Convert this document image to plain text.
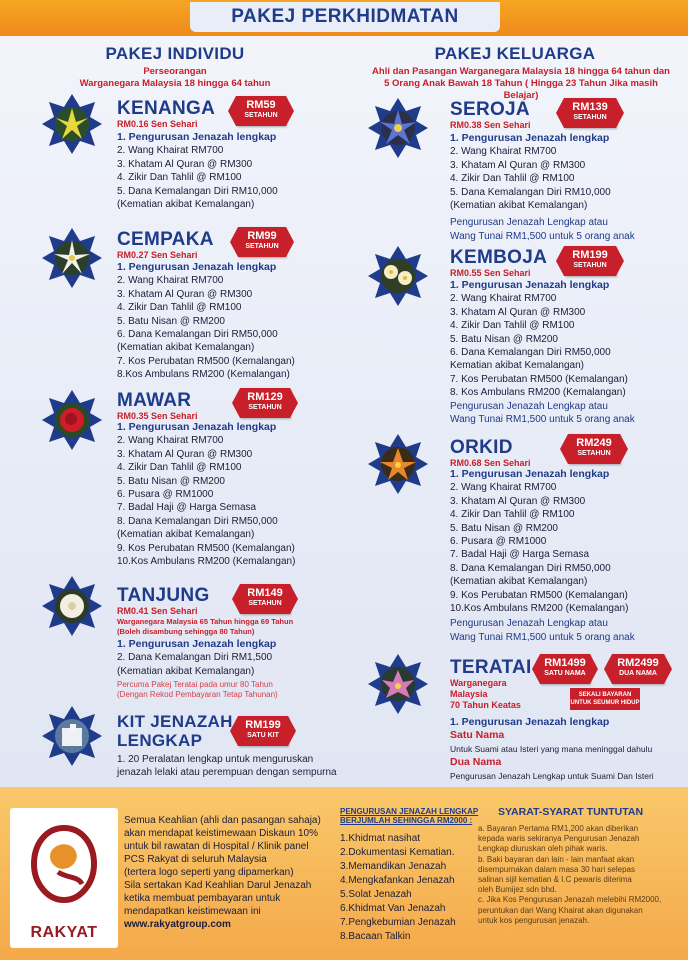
PAKEJ PERKHIDMATAN
PAKEJ INDIVIDU
Perseorangan
Warganegara Malaysia 18 hingga 64 tahun
PAKEJ KELUARGA
Ahli dan Pasangan Warganegara Malaysia 18 hingga 64 tahun dan
5 Orang Anak Bawah 18 Tahun ( Hingga 23 Tahun Jika masih Belajar)
KENANGA
RM0.16 Sen Sehari
RM59
SETAHUN
1. Pengurusan Jenazah lengkap
2. Wang Khairat RM700
3. Khatam Al Quran @ RM300
4. Zikir Dan Tahlil @ RM100
5. Dana Kemalangan Diri RM10,000
(Kematian akibat Kemalangan)
CEMPAKA
RM0.27 Sen Sehari
RM99
SETAHUN
1. Pengurusan Jenazah lengkap
2. Wang Khairat RM700
3. Khatam Al Quran @ RM300
4. Zikir Dan Tahlil @ RM100
5. Batu Nisan @ RM200
6. Dana Kemalangan Diri RM50,000
(Kematian akibat Kemalangan)
7. Kos Perubatan RM500 (Kemalangan)
8.Kos Ambulans RM200 (Kemalangan)
MAWAR
RM0.35 Sen Sehari
RM129
SETAHUN
1. Pengurusan Jenazah lengkap
2. Wang Khairat RM700
3. Khatam Al Quran @ RM300
4. Zikir Dan Tahlil @ RM100
5. Batu Nisan @ RM200
6. Pusara @ RM1000
7. Badal Haji @ Harga Semasa
8. Dana Kemalangan Diri RM50,000
(Kematian akibat Kemalangan)
9. Kos Perubatan RM500 (Kemalangan)
10.Kos Ambulans RM200 (Kemalangan)
TANJUNG
RM0.41 Sen Sehari
RM149
SETAHUN
Warganegara Malaysia 65 Tahun hingga 69 Tahun
(Boleh disambung sehingga 80 Tahun)
1. Pengurusan Jenazah lengkap
2. Dana Kemalangan Diri RM1,500
(Kematian akibat Kemalangan)
Percuma Pakej Teratai pada umur 80 Tahun
(Dengan Rekod Pembayaran Tetap Tahunan)
KIT JENAZAH
LENGKAP
RM199
SATU KIT
1. 20 Peralatan lengkap untuk menguruskan
jenazah lelaki atau perempuan dengan sempurna
SEROJA
RM0.38 Sen Sehari
RM139
SETAHUN
1. Pengurusan Jenazah lengkap
2. Wang Khairat RM700
3. Khatam Al Quran @ RM300
4. Zikir Dan Tahlil @ RM100
5. Dana Kemalangan Diri RM10,000
(Kematian akibat Kemalangan)
Pengurusan Jenazah Lengkap atau
Wang Tunai RM1,500 untuk 5 orang anak
KEMBOJA
RM0.55 Sen Sehari
RM199
SETAHUN
1. Pengurusan Jenazah lengkap
2. Wang Khairat RM700
3. Khatam Al Quran @ RM300
4. Zikir Dan Tahlil @ RM100
5. Batu Nisan @ RM200
6. Dana Kemalangan Diri RM50,000
Kematian akibat Kemalangan)
7. Kos Perubatan RM500 (Kemalangan)
8. Kos Ambulans RM200 (Kemalangan)
Pengurusan Jenazah Lengkap atau
Wang Tunai RM1,500 untuk 5 orang anak
ORKID
RM0.68 Sen Sehari
RM249
SETAHUN
1. Pengurusan Jenazah lengkap
2. Wang Khairat RM700
3. Khatam Al Quran @ RM300
4. Zikir Dan Tahlil @ RM100
5. Batu Nisan @ RM200
6. Pusara @ RM1000
7. Badal Haji @ Harga Semasa
8. Dana Kemalangan Diri RM50,000
(Kematian akibat Kemalangan)
9. Kos Perubatan RM500 (Kemalangan)
10.Kos Ambulans RM200 (Kemalangan)
Pengurusan Jenazah Lengkap atau
Wang Tunai RM1,500 untuk 5 orang anak
TERATAI
Warganegara
Malaysia
70 Tahun Keatas
RM1499
SATU NAMA
RM2499
DUA NAMA
SEKALI BAYARAN
UNTUK SEUMUR HIDUP
1. Pengurusan Jenazah lengkap
Satu Nama
Untuk Suami atau Isteri yang mana meninggal dahulu
Dua Nama
Pengurusan Jenazah Lengkap untuk Suami Dan Isteri
RAKYAT
Semua Keahlian (ahli dan pasangan sahaja)
akan mendapat keistimewaan Diskaun 10%
untuk bil rawatan di Hospital / Klinik panel
PCS Rakyat di seluruh Malaysia
(tertera logo seperti yang dipamerkan)
Sila sertakan Kad Keahlian Darul Jenazah
ketika membuat pembayaran untuk
mendapatkan keistimewaan ini
www.rakyatgroup.com
PENGURUSAN JENAZAH LENGKAP
BERJUMLAH SEHINGGA RM2000 :
1.Khidmat nasihat
2.Dokumentasi Kematian.
3.Memandikan Jenazah
4.Mengkafankan Jenazah
5.Solat Jenazah
6.Khidmat Van Jenazah
7.Pengkebumian Jenazah
8.Bacaan Talkin
SYARAT-SYARAT TUNTUTAN
a. Bayaran Pertama RM1,200 akan diberikan
kepada waris sekiranya Pengurusan Jenazah
Lengkap diuruskan oleh pihak waris.
b. Baki bayaran dan lain - lain manfaat akan
disempurnakan dalam masa 30 hari selepas
salinan sijil kematian & I.C pewaris diterima
oleh Bumijez sdn bhd.
c. Jika Kos Pengurusan Jenazah melebihi RM2000,
peruntukan dari Wang Khairat akan digunakan
untuk kos pengurusan jenazah.
